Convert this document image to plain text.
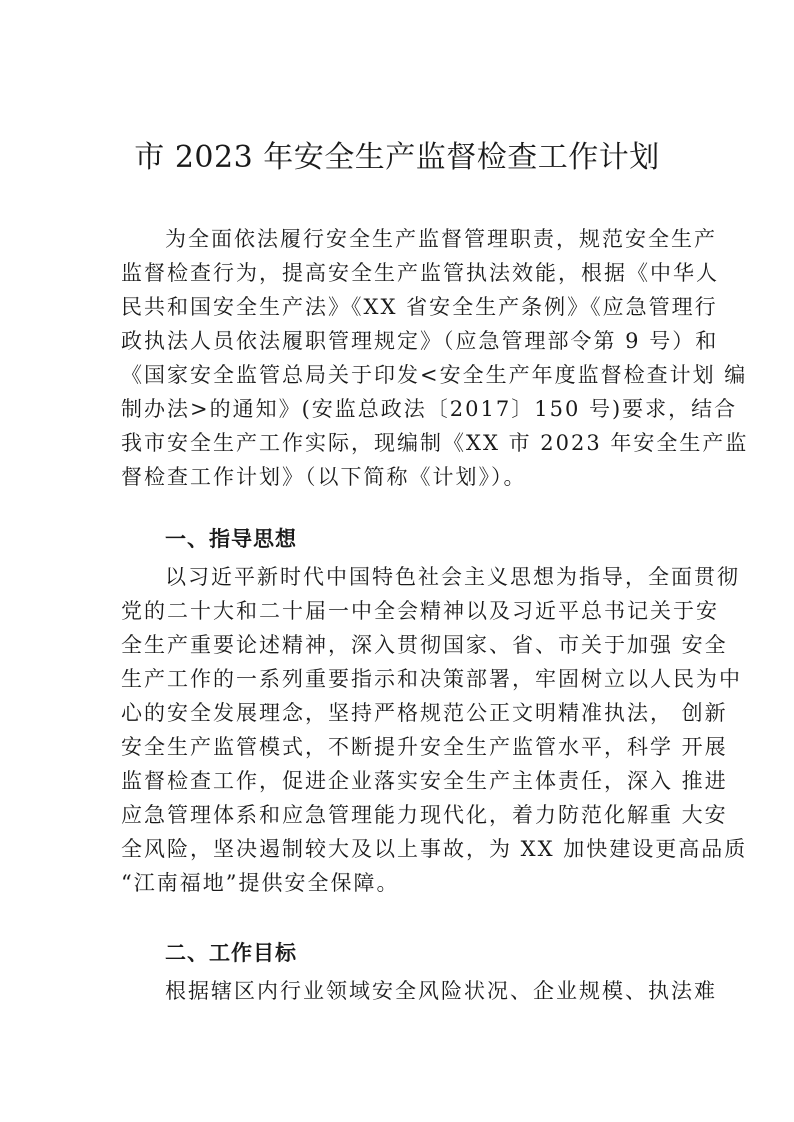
市 2023 年安全生产监督检查工作计划
为全面依法履行安全生产监督管理职责，规范安全生产
监督检查行为，提高安全生产监管执法效能，根据《中华人
民共和国安全生产法》《XX 省安全生产条例》《应急管理行
政执法人员依法履职管理规定》（应急管理部令第 9 号）和
《国家安全监管总局关于印发<安全生产年度监督检查计划 编
制办法>的通知》(安监总政法〔2017〕150 号)要求，结合
我市安全生产工作实际，现编制《XX 市 2023 年安全生产监
督检查工作计划》（以下简称《计划》）。
一、指导思想
以习近平新时代中国特色社会主义思想为指导，全面贯彻
党的二十大和二十届一中全会精神以及习近平总书记关于安
全生产重要论述精神，深入贯彻国家、省、市关于加强 安全
生产工作的一系列重要指示和决策部署，牢固树立以人民为中
心的安全发展理念，坚持严格规范公正文明精准执法， 创新
安全生产监管模式，不断提升安全生产监管水平，科学 开展
监督检查工作，促进企业落实安全生产主体责任，深入 推进
应急管理体系和应急管理能力现代化，着力防范化解重 大安
全风险，坚决遏制较大及以上事故，为 XX 加快建设更高品质
“江南福地”提供安全保障。
二、工作目标
根据辖区内行业领域安全风险状况、企业规模、执法难
